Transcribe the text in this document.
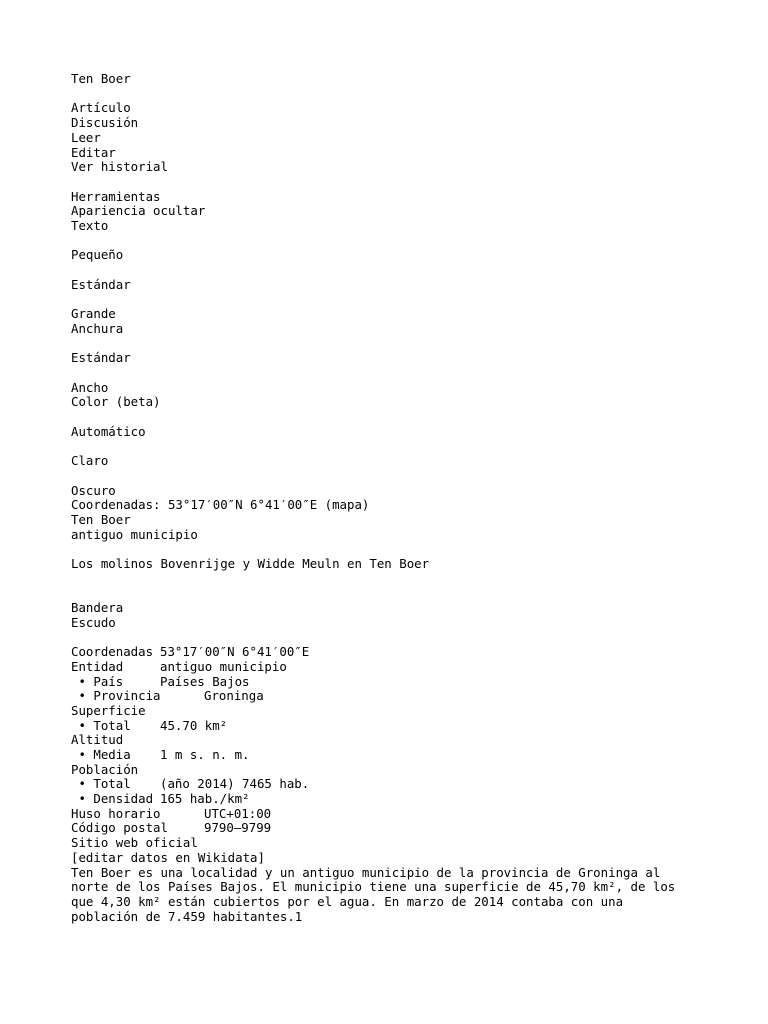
Ten Boer
Artículo
Discusión
Leer
Editar
Ver historial
Herramientas
Apariencia ocultar
Texto
Pequeño
Estándar
Grande
Anchura
Estándar
Ancho
Color (beta)
Automático
Claro
Oscuro
Coordenadas: 53°17′00″N 6°41′00″E (mapa)
Ten Boer
antiguo municipio
Los molinos Bovenrijge y Widde Meuln en Ten Boer
Bandera
Escudo
Coordenadas 53°17′00″N 6°41′00″E
Entidad	antiguo municipio
• País	Países Bajos
• Provincia	Groninga
Superficie
• Total 45.70 km²
Altitud
• Media 1 m s. n. m.
Población
• Total (año 2014) 7465 hab.
• Densidad 165 hab./km²
Huso horario	UTC+01:00
Código postal	9790–9799
Sitio web oficial
[editar datos en Wikidata]

Ten Boer es una localidad y un antiguo municipio de la provincia de Groninga al norte de los Países Bajos. El municipio tiene una superficie de 45,70 km², de los que 4,30 km² están cubiertos por el agua. En marzo de 2014 contaba con una población de 7.459 habitantes.1
